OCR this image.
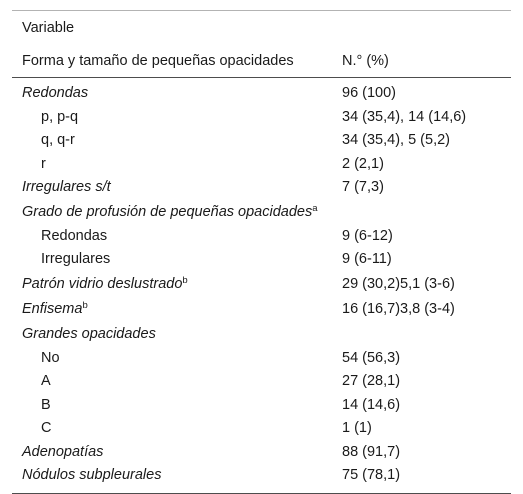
Variable
Forma y tamaño de pequeñas opacidades	N.° (%)
Redondas	96 (100)
p, p-q	34 (35,4), 14 (14,6)
q, q-r	34 (35,4), 5 (5,2)
r	2 (2,1)
Irregulares s/t	7 (7,3)
Grado de profusión de pequeñas opacidades$^a$
Redondas	9 (6-12)
Irregulares	9 (6-11)
Patrón vidrio deslustrado$^b$	29 (30,2)5,1 (3-6)
Enfisema$^b$	16 (16,7)3,8 (3-4)
Grandes opacidades
No	54 (56,3)
A	27 (28,1)
B	14 (14,6)
C	1 (1)
Adenopatías	88 (91,7)
Nódulos subpleurales	75 (78,1)
